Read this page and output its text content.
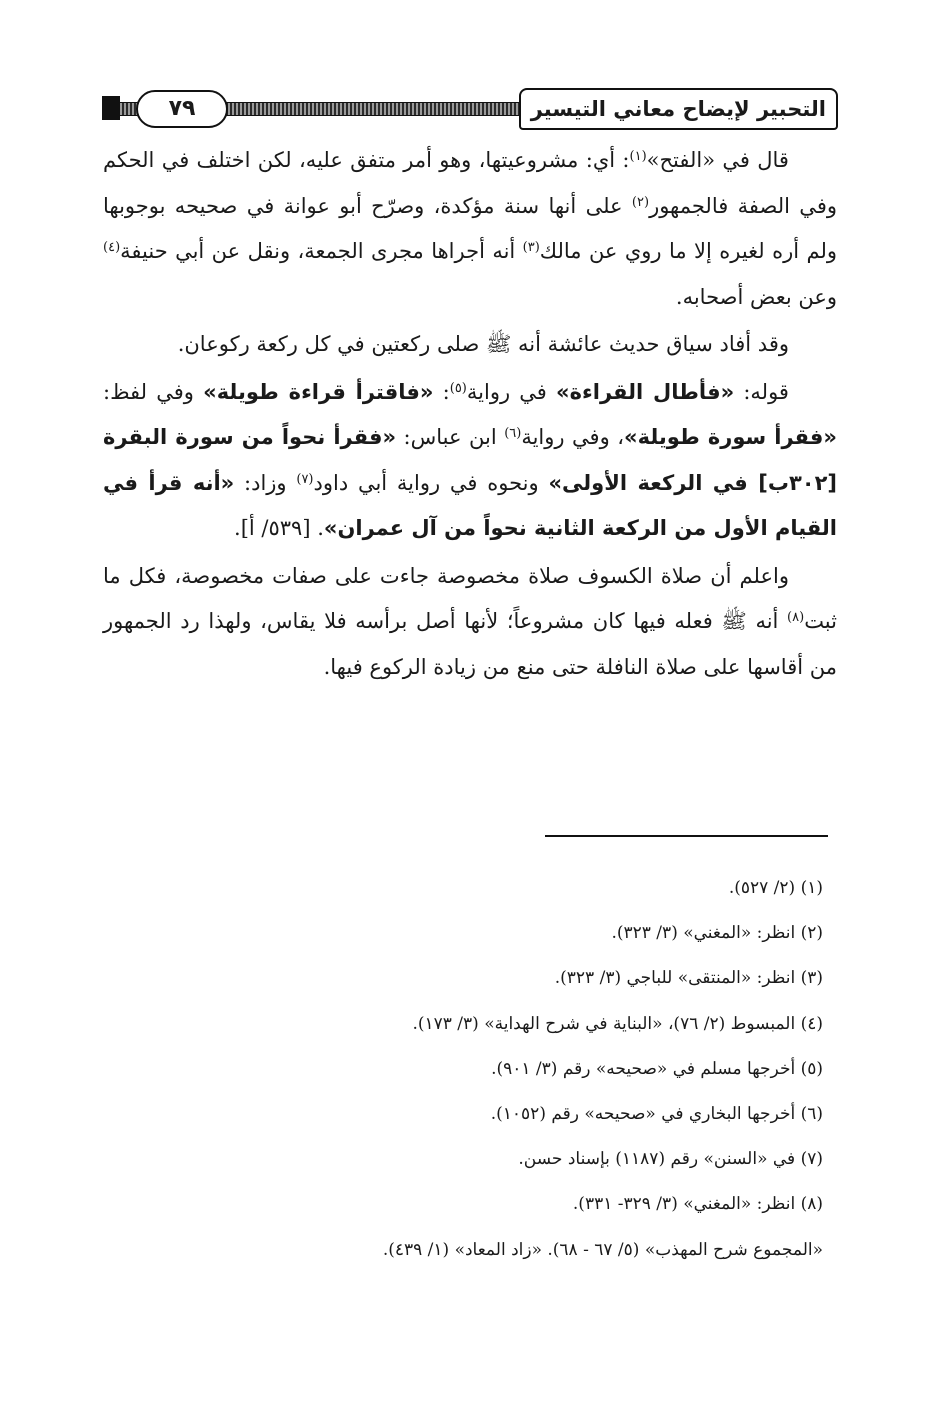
٧٩	التحبير لإيضاح معاني التيسير

قال في «الفتح»$^{(١)}$: أي: مشروعيتها، وهو أمر متفق عليه، لكن اختلف في الحكم وفي الصفة فالجمهور$^{(٢)}$ على أنها سنة مؤكدة، وصرّح أبو عوانة في صحيحه بوجوبها ولم أره لغيره إلا ما روي عن مالك$^{(٣)}$ أنه أجراها مجرى الجمعة، ونقل عن أبي حنيفة$^{(٤)}$ وعن بعض أصحابه.

وقد أفاد سياق حديث عائشة أنه ﷺ صلى ركعتين في كل ركعة ركوعان.

قوله: «فأطال القراءة» في رواية$^{(٥)}$: «فاقترأ قراءة طويلة» وفي لفظ: «فقرأ سورة طويلة»، وفي رواية$^{(٦)}$ ابن عباس: «فقرأ نحواً من سورة البقرة [٣٠٢ب] في الركعة الأولى» ونحوه في رواية أبي داود$^{(٧)}$ وزاد: «أنه قرأ في القيام الأول من الركعة الثانية نحواً من آل عمران». [٥٣٩/ أ].

واعلم أن صلاة الكسوف صلاة مخصوصة جاءت على صفات مخصوصة، فكل ما ثبت$^{(٨)}$ أنه ﷺ فعله فيها كان مشروعاً؛ لأنها أصل برأسه فلا يقاس، ولهذا رد الجمهور من أقاسها على صلاة النافلة حتى منع من زيادة الركوع فيها.

(١) (٢/ ٥٢٧).
(٢) انظر: «المغني» (٣/ ٣٢٣).
(٣) انظر: «المنتقى» للباجي (٣/ ٣٢٣).
(٤) المبسوط (٢/ ٧٦)، «البناية في شرح الهداية» (٣/ ١٧٣).
(٥) أخرجها مسلم في «صحيحه» رقم (٣/ ٩٠١).
(٦) أخرجها البخاري في «صحيحه» رقم (١٠٥٢).
(٧) في «السنن» رقم (١١٨٧) بإسناد حسن.
(٨) انظر: «المغني» (٣/ ٣٢٩- ٣٣١).
«المجموع شرح المهذب» (٥/ ٦٧ - ٦٨). «زاد المعاد» (١/ ٤٣٩).
